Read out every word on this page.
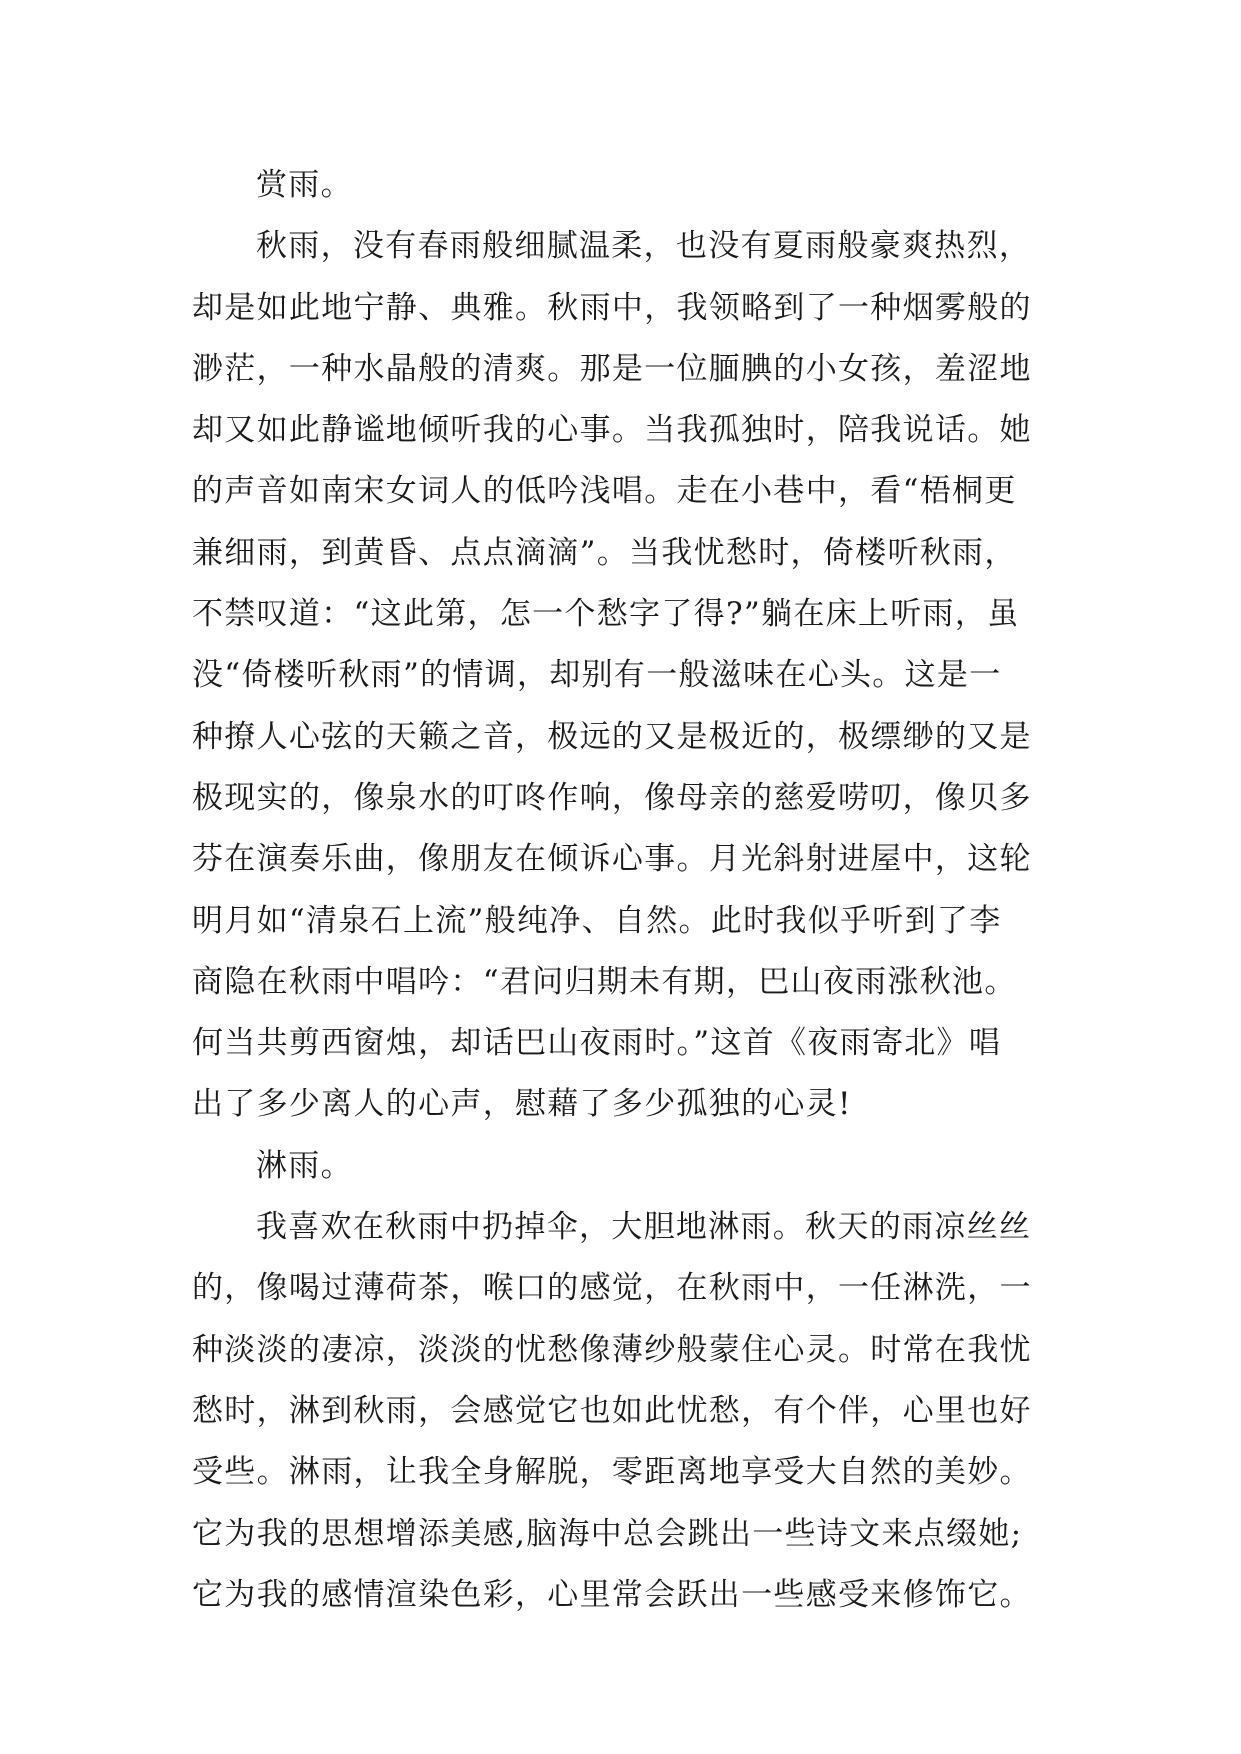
赏雨。
秋雨，没有春雨般细腻温柔，也没有夏雨般豪爽热烈，
却是如此地宁静、典雅。秋雨中，我领略到了一种烟雾般的
渺茫，一种水晶般的清爽。那是一位腼腆的小女孩，羞涩地
却又如此静谧地倾听我的心事。当我孤独时，陪我说话。她
的声音如南宋女词人的低吟浅唱。走在小巷中，看“梧桐更
兼细雨，到黄昏、点点滴滴”。当我忧愁时，倚楼听秋雨，
不禁叹道：“这此第，怎一个愁字了得?”躺在床上听雨，虽
没“倚楼听秋雨”的情调，却别有一般滋味在心头。这是一
种撩人心弦的天籁之音，极远的又是极近的，极缥缈的又是
极现实的，像泉水的叮咚作响，像母亲的慈爱唠叨，像贝多
芬在演奏乐曲，像朋友在倾诉心事。月光斜射进屋中，这轮
明月如“清泉石上流”般纯净、自然。此时我似乎听到了李
商隐在秋雨中唱吟：“君问归期未有期，巴山夜雨涨秋池。
何当共剪西窗烛，却话巴山夜雨时。”这首《夜雨寄北》唱
出了多少离人的心声，慰藉了多少孤独的心灵!
淋雨。
我喜欢在秋雨中扔掉伞，大胆地淋雨。秋天的雨凉丝丝
的，像喝过薄荷茶，喉口的感觉，在秋雨中，一任淋洗，一
种淡淡的凄凉，淡淡的忧愁像薄纱般蒙住心灵。时常在我忧
愁时，淋到秋雨，会感觉它也如此忧愁，有个伴，心里也好
受些。淋雨，让我全身解脱，零距离地享受大自然的美妙。
它为我的思想增添美感,脑海中总会跳出一些诗文来点缀她;
它为我的感情渲染色彩，心里常会跃出一些感受来修饰它。
